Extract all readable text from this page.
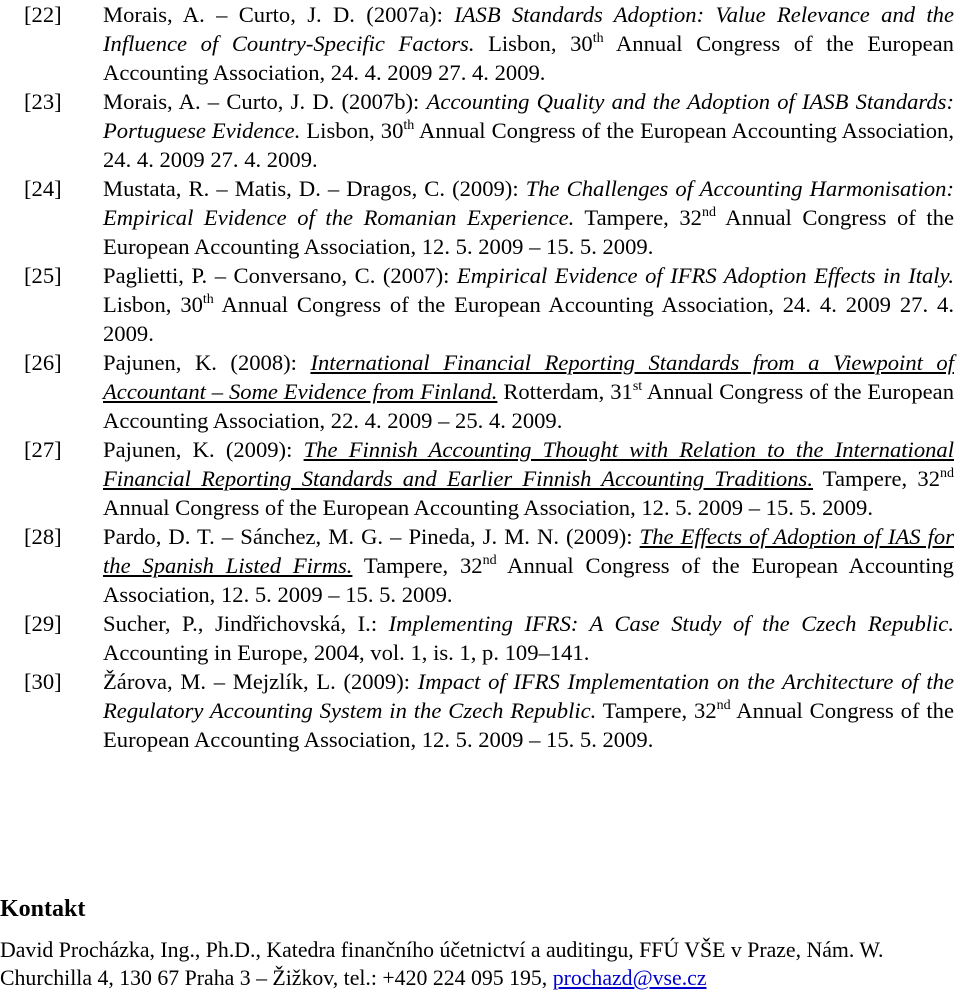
[22]	Morais, A. – Curto, J. D. (2007a): IASB Standards Adoption: Value Relevance and the Influence of Country-Specific Factors. Lisbon, 30th Annual Congress of the European Accounting Association, 24. 4. 2009 27. 4. 2009.
[23]	Morais, A. – Curto, J. D. (2007b): Accounting Quality and the Adoption of IASB Standards: Portuguese Evidence. Lisbon, 30th Annual Congress of the European Accounting Association, 24. 4. 2009 27. 4. 2009.
[24]	Mustata, R. – Matis, D. – Dragos, C. (2009): The Challenges of Accounting Harmonisation: Empirical Evidence of the Romanian Experience. Tampere, 32nd Annual Congress of the European Accounting Association, 12. 5. 2009 – 15. 5. 2009.
[25]	Paglietti, P. – Conversano, C. (2007): Empirical Evidence of IFRS Adoption Effects in Italy. Lisbon, 30th Annual Congress of the European Accounting Association, 24. 4. 2009 27. 4. 2009.
[26]	Pajunen, K. (2008): International Financial Reporting Standards from a Viewpoint of Accountant – Some Evidence from Finland. Rotterdam, 31st Annual Congress of the European Accounting Association, 22. 4. 2009 – 25. 4. 2009.
[27]	Pajunen, K. (2009): The Finnish Accounting Thought with Relation to the International Financial Reporting Standards and Earlier Finnish Accounting Traditions. Tampere, 32nd Annual Congress of the European Accounting Association, 12. 5. 2009 – 15. 5. 2009.
[28]	Pardo, D. T. – Sánchez, M. G. – Pineda, J. M. N. (2009): The Effects of Adoption of IAS for the Spanish Listed Firms. Tampere, 32nd Annual Congress of the European Accounting Association, 12. 5. 2009 – 15. 5. 2009.
[29]	Sucher, P., Jindřichovská, I.: Implementing IFRS: A Case Study of the Czech Republic. Accounting in Europe, 2004, vol. 1, is. 1, p. 109–141.
[30]	Žárova, M. – Mejzlík, L. (2009): Impact of IFRS Implementation on the Architecture of the Regulatory Accounting System in the Czech Republic. Tampere, 32nd Annual Congress of the European Accounting Association, 12. 5. 2009 – 15. 5. 2009.
Kontakt
David Procházka, Ing., Ph.D., Katedra finančního účetnictví a auditingu, FFÚ VŠE v Praze, Nám. W. Churchilla 4, 130 67 Praha 3 – Žižkov, tel.: +420 224 095 195, prochazd@vse.cz
